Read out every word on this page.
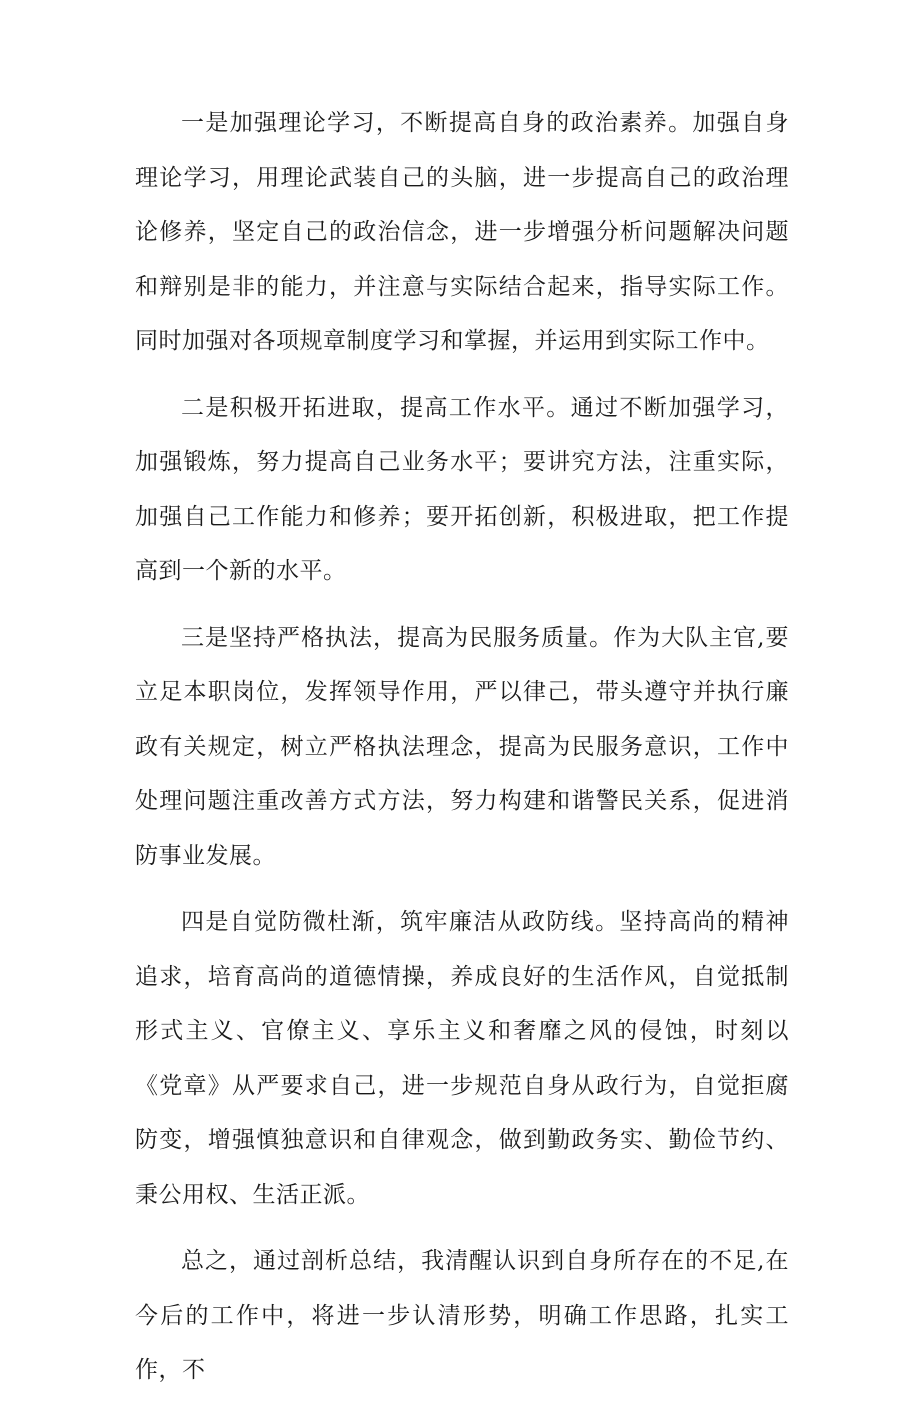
一是加强理论学习，不断提高自身的政治素养。加强自身理论学习，用理论武装自己的头脑，进一步提高自己的政治理论修养，坚定自己的政治信念，进一步增强分析问题解决问题和辩别是非的能力，并注意与实际结合起来，指导实际工作。同时加强对各项规章制度学习和掌握，并运用到实际工作中。

二是积极开拓进取，提高工作水平。通过不断加强学习，加强锻炼，努力提高自己业务水平；要讲究方法，注重实际，加强自己工作能力和修养；要开拓创新，积极进取，把工作提高到一个新的水平。

三是坚持严格执法，提高为民服务质量。作为大队主官,要立足本职岗位，发挥领导作用，严以律己，带头遵守并执行廉政有关规定，树立严格执法理念，提高为民服务意识，工作中处理问题注重改善方式方法，努力构建和谐警民关系，促进消防事业发展。

四是自觉防微杜渐，筑牢廉洁从政防线。坚持高尚的精神追求，培育高尚的道德情操，养成良好的生活作风，自觉抵制形式主义、官僚主义、享乐主义和奢靡之风的侵蚀，时刻以《党章》从严要求自己，进一步规范自身从政行为，自觉拒腐防变，增强慎独意识和自律观念，做到勤政务实、勤俭节约、秉公用权、生活正派。

总之，通过剖析总结，我清醒认识到自身所存在的不足,在今后的工作中，将进一步认清形势，明确工作思路，扎实工作，不
